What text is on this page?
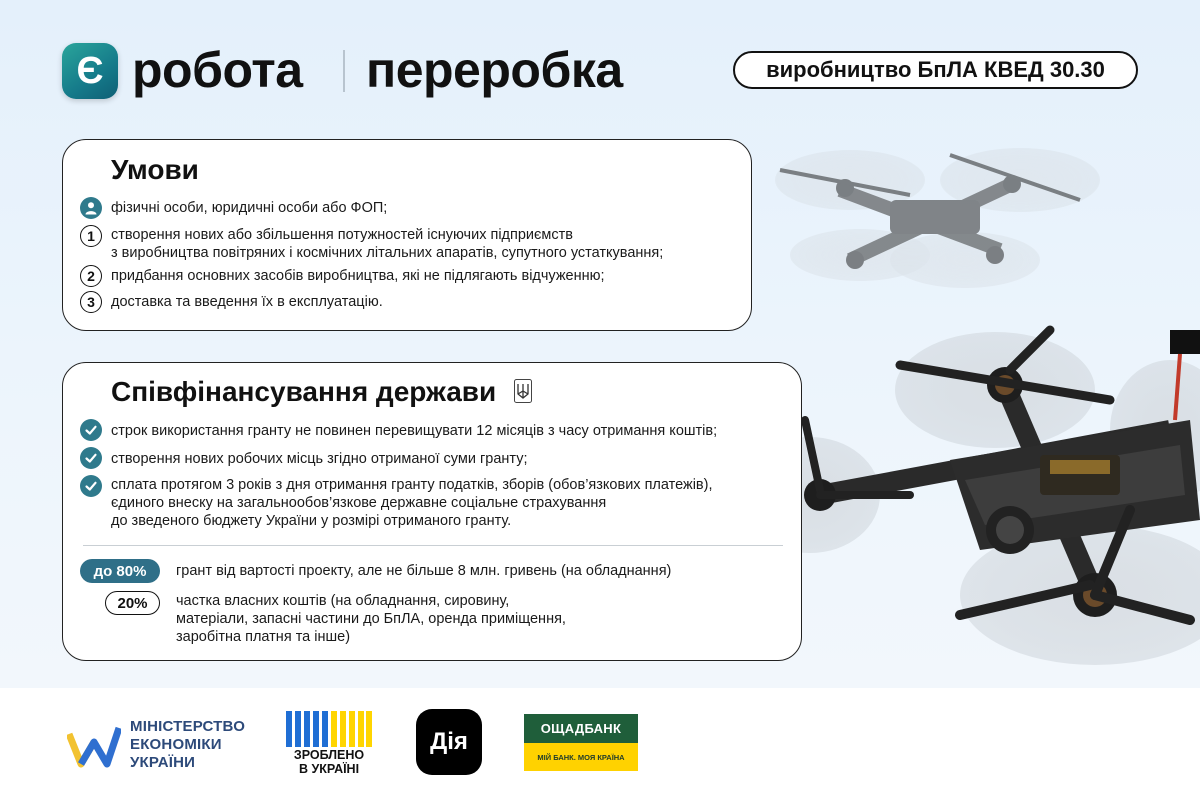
Є робота переробка	виробництво БпЛА КВЕД 30.30
Умови
фізичні особи, юридичні особи або ФОП;
1	створення нових або збільшення потужностей існуючих підприємств
з виробництва повітряних і космічних літальних апаратів, супутного устаткування;
2	придбання основних засобів виробництва, які не підлягають відчуженню;
3	доставка та введення їх в експлуатацію.
Співфінансування держави
строк використання гранту не повинен перевищувати 12 місяців з часу отримання коштів;
створення нових робочих місць згідно отриманої суми гранту;
сплата протягом 3 років з дня отримання гранту податків, зборів (обов’язкових платежів),
єдиного внеску на загальнообов’язкове державне соціальне страхування
до зведеного бюджету України у розмірі отриманого гранту.
до 80%	грант від вартості проекту, але не більше 8 млн. гривень (на обладнання)
20%	частка власних коштів (на обладнання, сировину,
матеріали, запасні частини до БпЛА, оренда приміщення,
заробітна платня та інше)
МІНІСТЕРСТВО
ЕКОНОМІКИ
УКРАЇНИ	ЗРОБЛЕНО
В УКРАЇНІ
Дія	ОЩАДБАНК
МІЙ БАНК. МОЯ КРАЇНА
